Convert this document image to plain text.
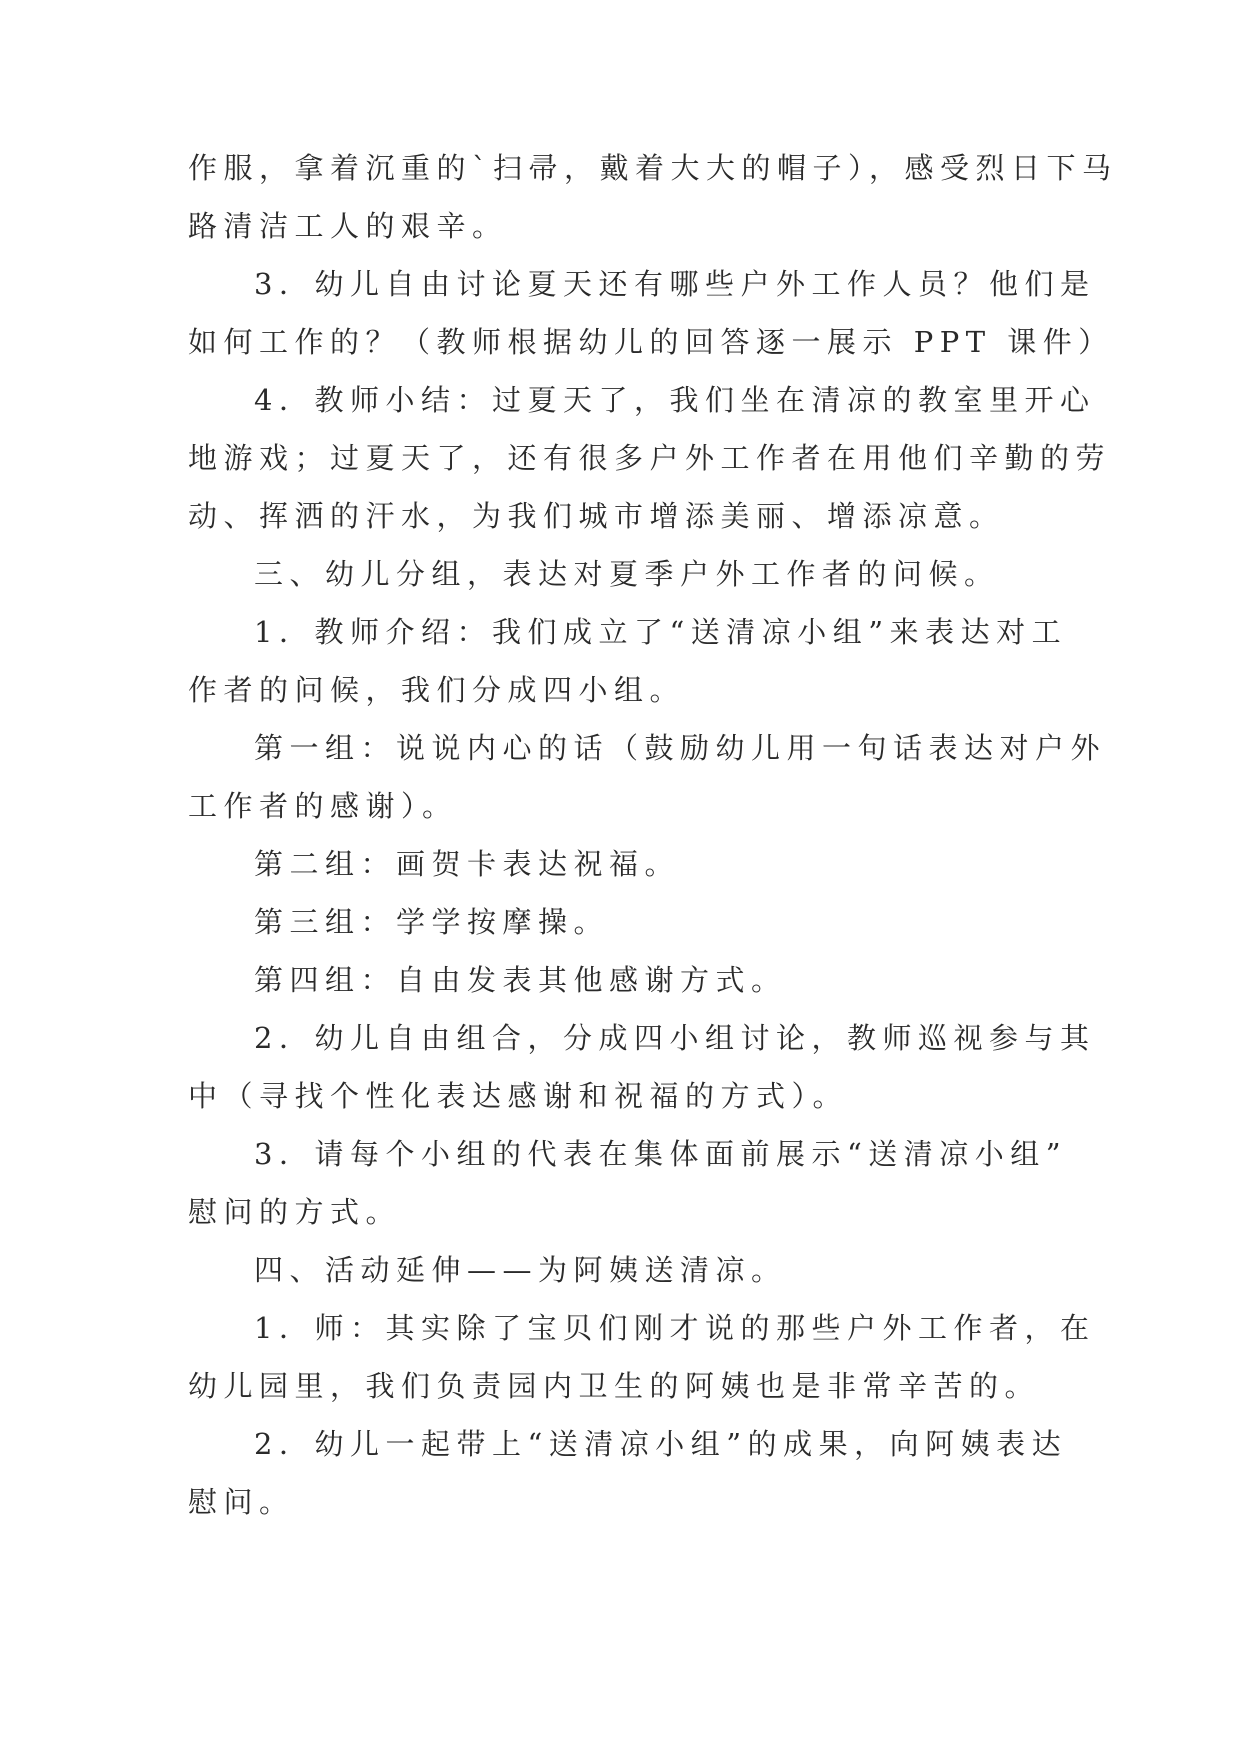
作服，拿着沉重的`扫帚，戴着大大的帽子），感受烈日下马
路清洁工人的艰辛。
3．幼儿自由讨论夏天还有哪些户外工作人员？他们是
如何工作的？（教师根据幼儿的回答逐一展示 PPT 课件）
4．教师小结：过夏天了，我们坐在清凉的教室里开心
地游戏；过夏天了，还有很多户外工作者在用他们辛勤的劳
动、挥洒的汗水，为我们城市增添美丽、增添凉意。
三、幼儿分组，表达对夏季户外工作者的问候。
1．教师介绍：我们成立了“送清凉小组”来表达对工
作者的问候，我们分成四小组。
第一组：说说内心的话（鼓励幼儿用一句话表达对户外
工作者的感谢）。
第二组：画贺卡表达祝福。
第三组：学学按摩操。
第四组：自由发表其他感谢方式。
2．幼儿自由组合，分成四小组讨论，教师巡视参与其
中（寻找个性化表达感谢和祝福的方式）。
3．请每个小组的代表在集体面前展示“送清凉小组”
慰问的方式。
四、活动延伸——为阿姨送清凉。
1．师：其实除了宝贝们刚才说的那些户外工作者，在
幼儿园里，我们负责园内卫生的阿姨也是非常辛苦的。
2．幼儿一起带上“送清凉小组”的成果，向阿姨表达
慰问。
